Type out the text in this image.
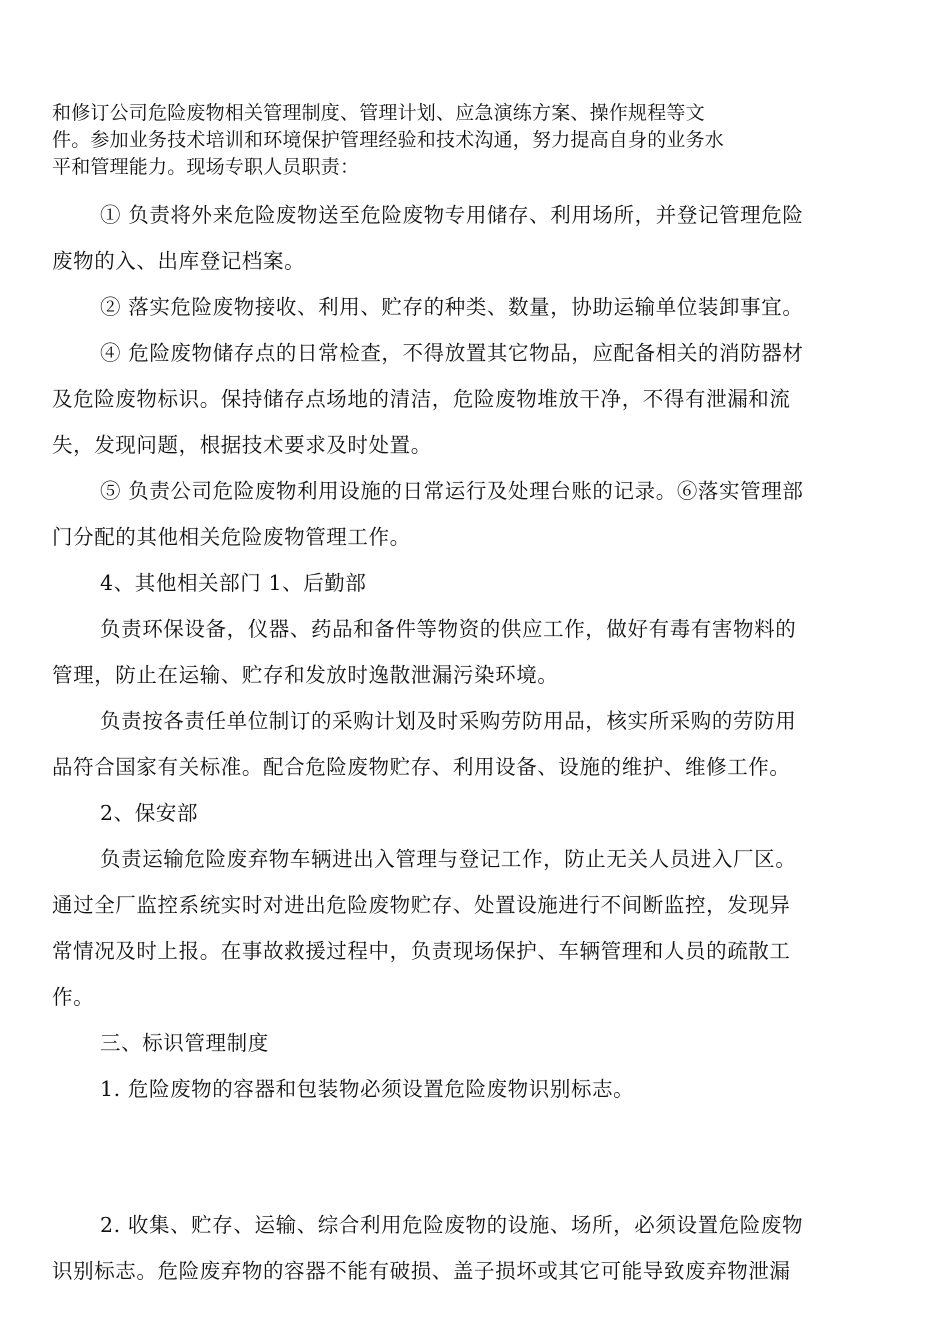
和修订公司危险废物相关管理制度、管理计划、应急演练方案、操作规程等文
件。参加业务技术培训和环境保护管理经验和技术沟通，努力提高自身的业务水
平和管理能力。现场专职人员职责：
① 负责将外来危险废物送至危险废物专用储存、利用场所，并登记管理危险
废物的入、出库登记档案。
② 落实危险废物接收、利用、贮存的种类、数量，协助运输单位装卸事宜。
④ 危险废物储存点的日常检查，不得放置其它物品，应配备相关的消防器材
及危险废物标识。保持储存点场地的清洁，危险废物堆放干净，不得有泄漏和流
失，发现问题，根据技术要求及时处置。
⑤ 负责公司危险废物利用设施的日常运行及处理台账的记录。⑥落实管理部
门分配的其他相关危险废物管理工作。
4、其他相关部门 1、后勤部
负责环保设备，仪器、药品和备件等物资的供应工作，做好有毒有害物料的
管理，防止在运输、贮存和发放时逸散泄漏污染环境。
负责按各责任单位制订的采购计划及时采购劳防用品，核实所采购的劳防用
品符合国家有关标准。配合危险废物贮存、利用设备、设施的维护、维修工作。
2、保安部
负责运输危险废弃物车辆进出入管理与登记工作，防止无关人员进入厂区。
通过全厂监控系统实时对进出危险废物贮存、处置设施进行不间断监控，发现异
常情况及时上报。在事故救援过程中，负责现场保护、车辆管理和人员的疏散工
作。
三、标识管理制度
1. 危险废物的容器和包装物必须设置危险废物识别标志。
2. 收集、贮存、运输、综合利用危险废物的设施、场所，必须设置危险废物
识别标志。危险废弃物的容器不能有破损、盖子损坏或其它可能导致废弃物泄漏
